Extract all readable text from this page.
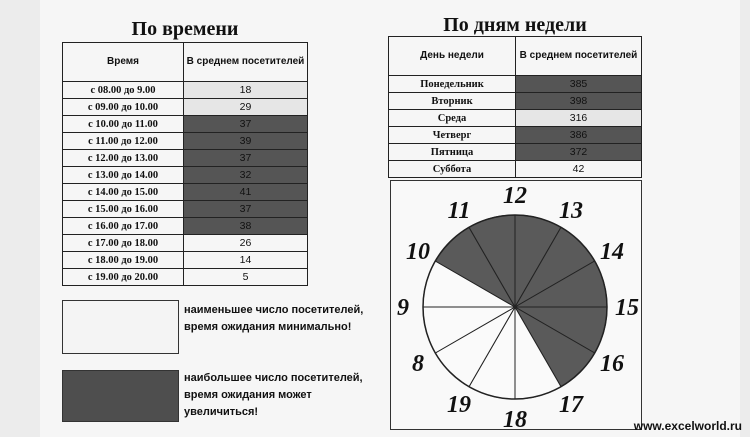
По времени
Время	В среднем посетителей
с 08.00 до 9.00	18
с 09.00 до 10.00	29
с 10.00 до 11.00	37
с 11.00 до 12.00	39
с 12.00 до 13.00	37
с 13.00 до 14.00	32
с 14.00 до 15.00	41
с 15.00 до 16.00	37
с 16.00 до 17.00	38
с 17.00 до 18.00	26
с 18.00 до 19.00	14
с 19.00 до 20.00	5
По дням недели
День недели	В среднем посетителей
Понедельник	385
Вторник	398
Среда	316
Четверг	386
Пятница	372
Суббота	42
наименьшее число посетителей, время ожидания минимально!
наибольшее число посетителей, время ожидания может увеличиться!
12
13
14
15
16
17
18
19
8
9
10
11
www.excelworld.ru
